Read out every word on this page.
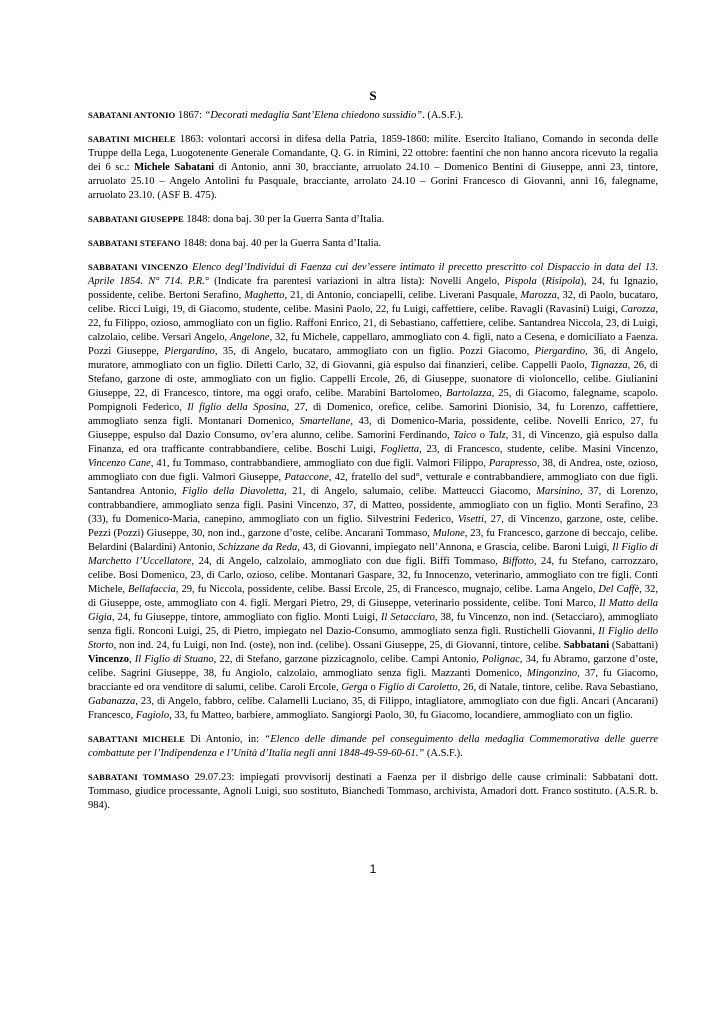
S

SABATANI ANTONIO 1867: “Decorati medaglia Sant’Elena chiedono sussidio”. (A.S.F.).

SABATINI MICHELE 1863: volontari accorsi in difesa della Patria, 1859-1860: milite. Esercito Italiano, Comando in seconda delle Truppe della Lega, Luogotenente Generale Comandante, Q. G. in Rimini, 22 ottobre: faentini che non hanno ancora ricevuto la regalia dei 6 sc.: Michele Sabatani di Antonio, anni 30, bracciante, arruolato 24.10 – Domenico Bentini di Giuseppe, anni 23, tintore, arruolato 25.10 – Angelo Antolini fu Pasquale, bracciante, arrolato 24.10 – Gorini Francesco di Giovanni, anni 16, falegname, arruolato 23.10. (ASF B. 475).

SABBATANI GIUSEPPE 1848: dona baj. 30 per la Guerra Santa d’Italia.

SABBATANI STEFANO 1848: dona baj. 40 per la Guerra Santa d’Italia.

SABBATANI VINCENZO Elenco degl’Individui di Faenza cui dev’essere intimato il precetto prescritto col Dispaccio in data del 13. Aprile 1854. N° 714. P.R.° (Indicate fra parentesi variazioni in altra lista): Novelli Angelo, Pispola (Risipola), 24, fu Ignazio, possidente, celibe. Bertoni Serafino, Maghetto, 21, di Antonio, conciapelli, celibe. Liverani Pasquale, Marozza, 32, di Paolo, bucataro, celibe. Ricci Luigi, 19, di Giacomo, studente, celibe. Masini Paolo, 22, fu Luigi, caffettiere, celibe. Ravagli (Ravasini) Luigi, Carozza, 22, fu Filippo, ozioso, ammogliato con un figlio. Raffoni Enrico, 21, di Sebastiano, caffettiere, celibe. Santandrea Niccola, 23, di Luigi, calzolaio, celibe. Versari Angelo, Angelone, 32, fu Michele, cappellaro, ammogliato con 4. figli, nato a Cesena, e domiciliato a Faenza. Pozzi Giuseppe, Piergardino, 35, di Angelo, bucataro, ammogliato con un figlio. Pozzi Giacomo, Piergardino, 36, di Angelo, muratore, ammogliato con un figlio. Diletti Carlo, 32, di Giovanni, già espulso dai finanzieri, celibe. Cappelli Paolo, Tignazza, 26, di Stefano, garzone di oste, ammogliato con un figlio. Cappelli Ercole, 26, di Giuseppe, suonatore di violoncello, celibe. Giulianini Giuseppe, 22, di Francesco, tintore, ma oggi orafo, celibe. Marabini Bartolomeo, Bartolazza, 25, di Giacomo, falegname, scapolo. Pompignoli Federico, Il figlio della Sposina, 27, di Domenico, orefice, celibe. Samorini Dionisio, 34, fu Lorenzo, caffettiere, ammogliato senza figli. Montanari Domenico, Smartellane, 43, di Domenico-Maria, possidente, celibe. Novelli Enrico, 27, fu Giuseppe, espulso dal Dazio Consumo, ov’era alunno, celibe. Samorini Ferdinando, Taico o Talz, 31, di Vincenzo, già espulso dalla Finanza, ed ora trafficante contrabbandiere, celibe. Boschi Luigi, Foglietta, 23, di Francesco, studente, celibe. Masini Vincenzo, Vincenzo Cane, 41, fu Tommaso, contrabbandiere, ammogliato con due figli. Valmori Filippo, Parapresso, 38, di Andrea, oste, ozioso, ammogliato con due figli. Valmori Giuseppe, Pataccone, 42, fratello del sud°, vetturale e contrabbandiere, ammogliato con due figli. Santandrea Antonio, Figlio della Diavoletta, 21, di Angelo, salumaio, celibe. Matteucci Giacomo, Marsinino, 37, di Lorenzo, contrabbandiere, ammogliato senza figli. Pasini Vincenzo, 37, di Matteo, possidente, ammogliato con un figlio. Monti Serafino, 23 (33), fu Domenico-Maria, canepino, ammogliato con un figlio. Silvestrini Federico, Visetti, 27, di Vincenzo, garzone, oste, celibe. Pezzi (Pozzi) Giuseppe, 30, non ind., garzone d’oste, celibe. Ancarani Tommaso, Mulone, 23, fu Francesco, garzone di beccajo, celibe. Belardini (Balardini) Antonio, Schizzane da Reda, 43, di Giovanni, impiegato nell’Annona, e Grascia, celibe. Baroni Luigi, Il Figlio di Marchetto l’Uccellatore, 24, di Angelo, calzolaio, ammogliato con due figli. Biffi Tommaso, Biffotto, 24, fu Stefano, carrozzaro, celibe. Bosi Domenico, 23, di Carlo, ozioso, celibe. Montanari Gaspare, 32, fu Innocenzo, veterinario, ammogliato con tre figli. Conti Michele, Bellafaccia, 29, fu Niccola, possidente, celibe. Bassi Ercole, 25, di Francesco, mugnajo, celibe. Lama Angelo, Del Caffè, 32, di Giuseppe, oste, ammogliato con 4. figli. Mergari Pietro, 29, di Giuseppe, veterinario possidente, celibe. Toni Marco, Il Matto della Gigia, 24, fu Giuseppe, tintore, ammogliato con figlio. Monti Luigi, Il Setacciaro, 38, fu Vincenzo, non ind. (Setacciaro), ammogliato senza figli. Ronconi Luigi, 25, di Pietro, impiegato nel Dazio-Consumo, ammogliato senza figli. Rustichelli Giovanni, Il Figlio dello Storto, non ind. 24, fu Luigi, non Ind. (oste), non ind. (celibe). Ossani Giuseppe, 25, di Giovanni, tintore, celibe. Sabbatani (Sabattani) Vincenzo, Il Figlio di Stuano, 22, di Stefano, garzone pizzicagnolo, celibe. Campi Antonio, Polignac, 34, fu Abramo, garzone d’oste, celibe. Sagrini Giuseppe, 38, fu Angiolo, calzolaio, ammogliato senza figli. Mazzanti Domenico, Mingonzino, 37, fu Giacomo, bracciante ed ora venditore di salumi, celibe. Caroli Ercole, Gerga o Figlio di Caroletto, 26, di Natale, tintore, celibe. Rava Sebastiano, Gabanazza, 23, di Angelo, fabbro, celibe. Calamelli Luciano, 35, di Filippo, intagliatore, ammogliato con due figli. Ancari (Ancarani) Francesco, Fagiolo, 33, fu Matteo, barbiere, ammogliato. Sangiorgi Paolo, 30, fu Giacomo, locandiere, ammogliato con un figlio.

SABATTANI MICHELE Di Antonio, in: “Elenco delle dimande pel conseguimento della medaglia Commemorativa delle guerre combattute per l’Indipendenza e l’Unità d’Italia negli anni 1848-49-59-60-61.” (A.S.F.).

SABBATANI TOMMASO 29.07.23: impiegati provvisorij destinati a Faenza per il disbrigo delle cause criminali: Sabbatani dott. Tommaso, giudice processante, Agnoli Luigi, suo sostituto, Bianchedi Tommaso, archivista, Amadori dott. Franco sostituto. (A.S.R. b. 984).

1
